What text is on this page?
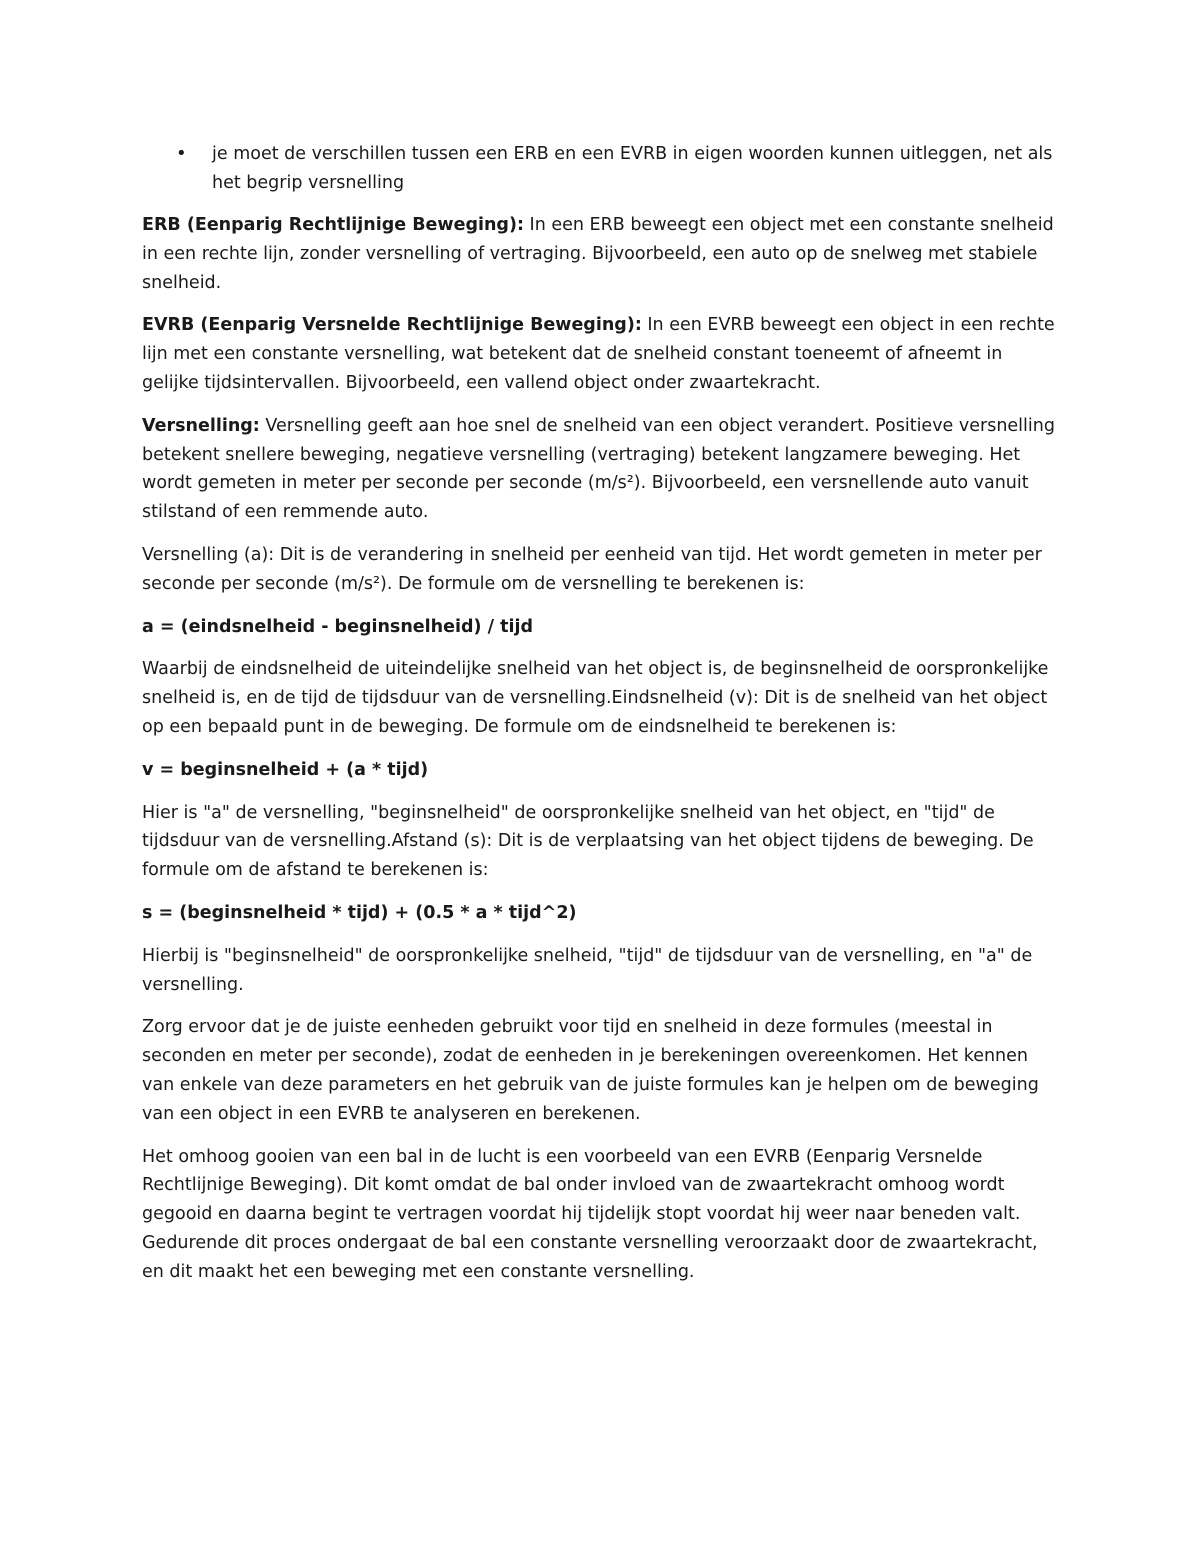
• je moet de verschillen tussen een ERB en een EVRB in eigen woorden kunnen uitleggen, net als het begrip versnelling

ERB (Eenparig Rechtlijnige Beweging): In een ERB beweegt een object met een constante snelheid in een rechte lijn, zonder versnelling of vertraging. Bijvoorbeeld, een auto op de snelweg met stabiele snelheid.

EVRB (Eenparig Versnelde Rechtlijnige Beweging): In een EVRB beweegt een object in een rechte lijn met een constante versnelling, wat betekent dat de snelheid constant toeneemt of afneemt in gelijke tijdsintervallen. Bijvoorbeeld, een vallend object onder zwaartekracht.

Versnelling: Versnelling geeft aan hoe snel de snelheid van een object verandert. Positieve versnelling betekent snellere beweging, negatieve versnelling (vertraging) betekent langzamere beweging. Het wordt gemeten in meter per seconde per seconde (m/s²). Bijvoorbeeld, een versnellende auto vanuit stilstand of een remmende auto.

Versnelling (a): Dit is de verandering in snelheid per eenheid van tijd. Het wordt gemeten in meter per seconde per seconde (m/s²). De formule om de versnelling te berekenen is:

a = (eindsnelheid - beginsnelheid) / tijd

Waarbij de eindsnelheid de uiteindelijke snelheid van het object is, de beginsnelheid de oorspronkelijke snelheid is, en de tijd de tijdsduur van de versnelling.Eindsnelheid (v): Dit is de snelheid van het object op een bepaald punt in de beweging. De formule om de eindsnelheid te berekenen is:

v = beginsnelheid + (a * tijd)

Hier is "a" de versnelling, "beginsnelheid" de oorspronkelijke snelheid van het object, en "tijd" de tijdsduur van de versnelling.Afstand (s): Dit is de verplaatsing van het object tijdens de beweging. De formule om de afstand te berekenen is:

s = (beginsnelheid * tijd) + (0.5 * a * tijd^2)

Hierbij is "beginsnelheid" de oorspronkelijke snelheid, "tijd" de tijdsduur van de versnelling, en "a" de versnelling.

Zorg ervoor dat je de juiste eenheden gebruikt voor tijd en snelheid in deze formules (meestal in seconden en meter per seconde), zodat de eenheden in je berekeningen overeenkomen. Het kennen van enkele van deze parameters en het gebruik van de juiste formules kan je helpen om de beweging van een object in een EVRB te analyseren en berekenen.

Het omhoog gooien van een bal in de lucht is een voorbeeld van een EVRB (Eenparig Versnelde Rechtlijnige Beweging). Dit komt omdat de bal onder invloed van de zwaartekracht omhoog wordt gegooid en daarna begint te vertragen voordat hij tijdelijk stopt voordat hij weer naar beneden valt. Gedurende dit proces ondergaat de bal een constante versnelling veroorzaakt door de zwaartekracht, en dit maakt het een beweging met een constante versnelling.
